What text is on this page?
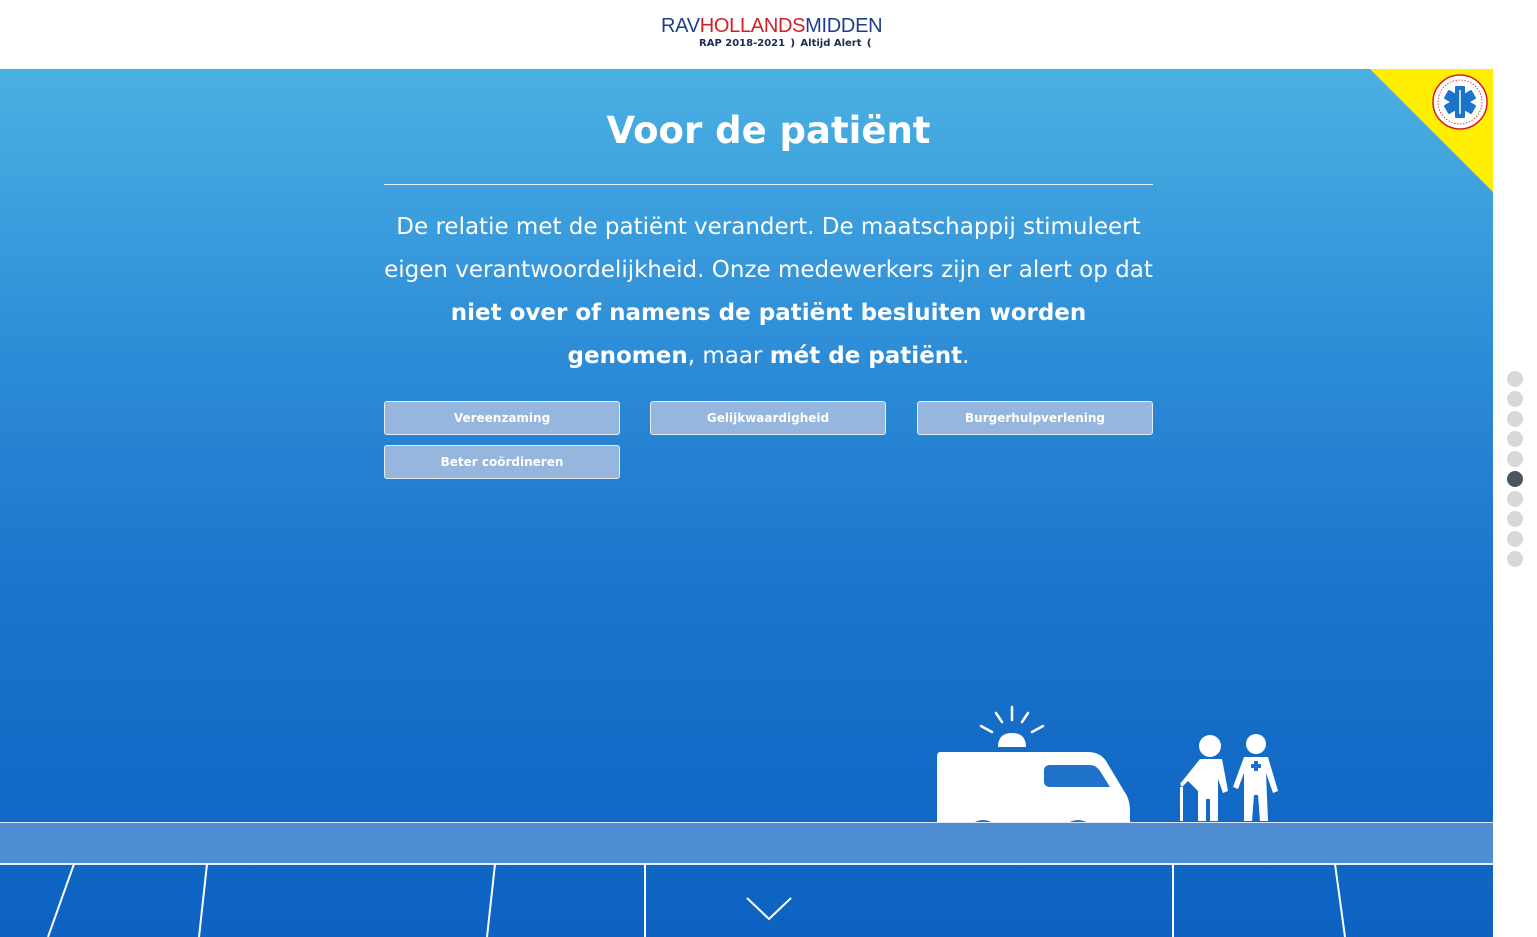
RAVHOLLANDSMIDDEN
RAP 2018-2021 ❫ Altijd Alert ❪
Voor de patiënt

De relatie met de patiënt verandert. De maatschappij stimuleert eigen verantwoordelijkheid. Onze medewerkers zijn er alert op dat niet over of namens de patiënt besluiten worden genomen, maar mét de patiënt.

Vereenzaming	Gelijkwaardigheid	Burgerhulpverlening
Beter coördineren
